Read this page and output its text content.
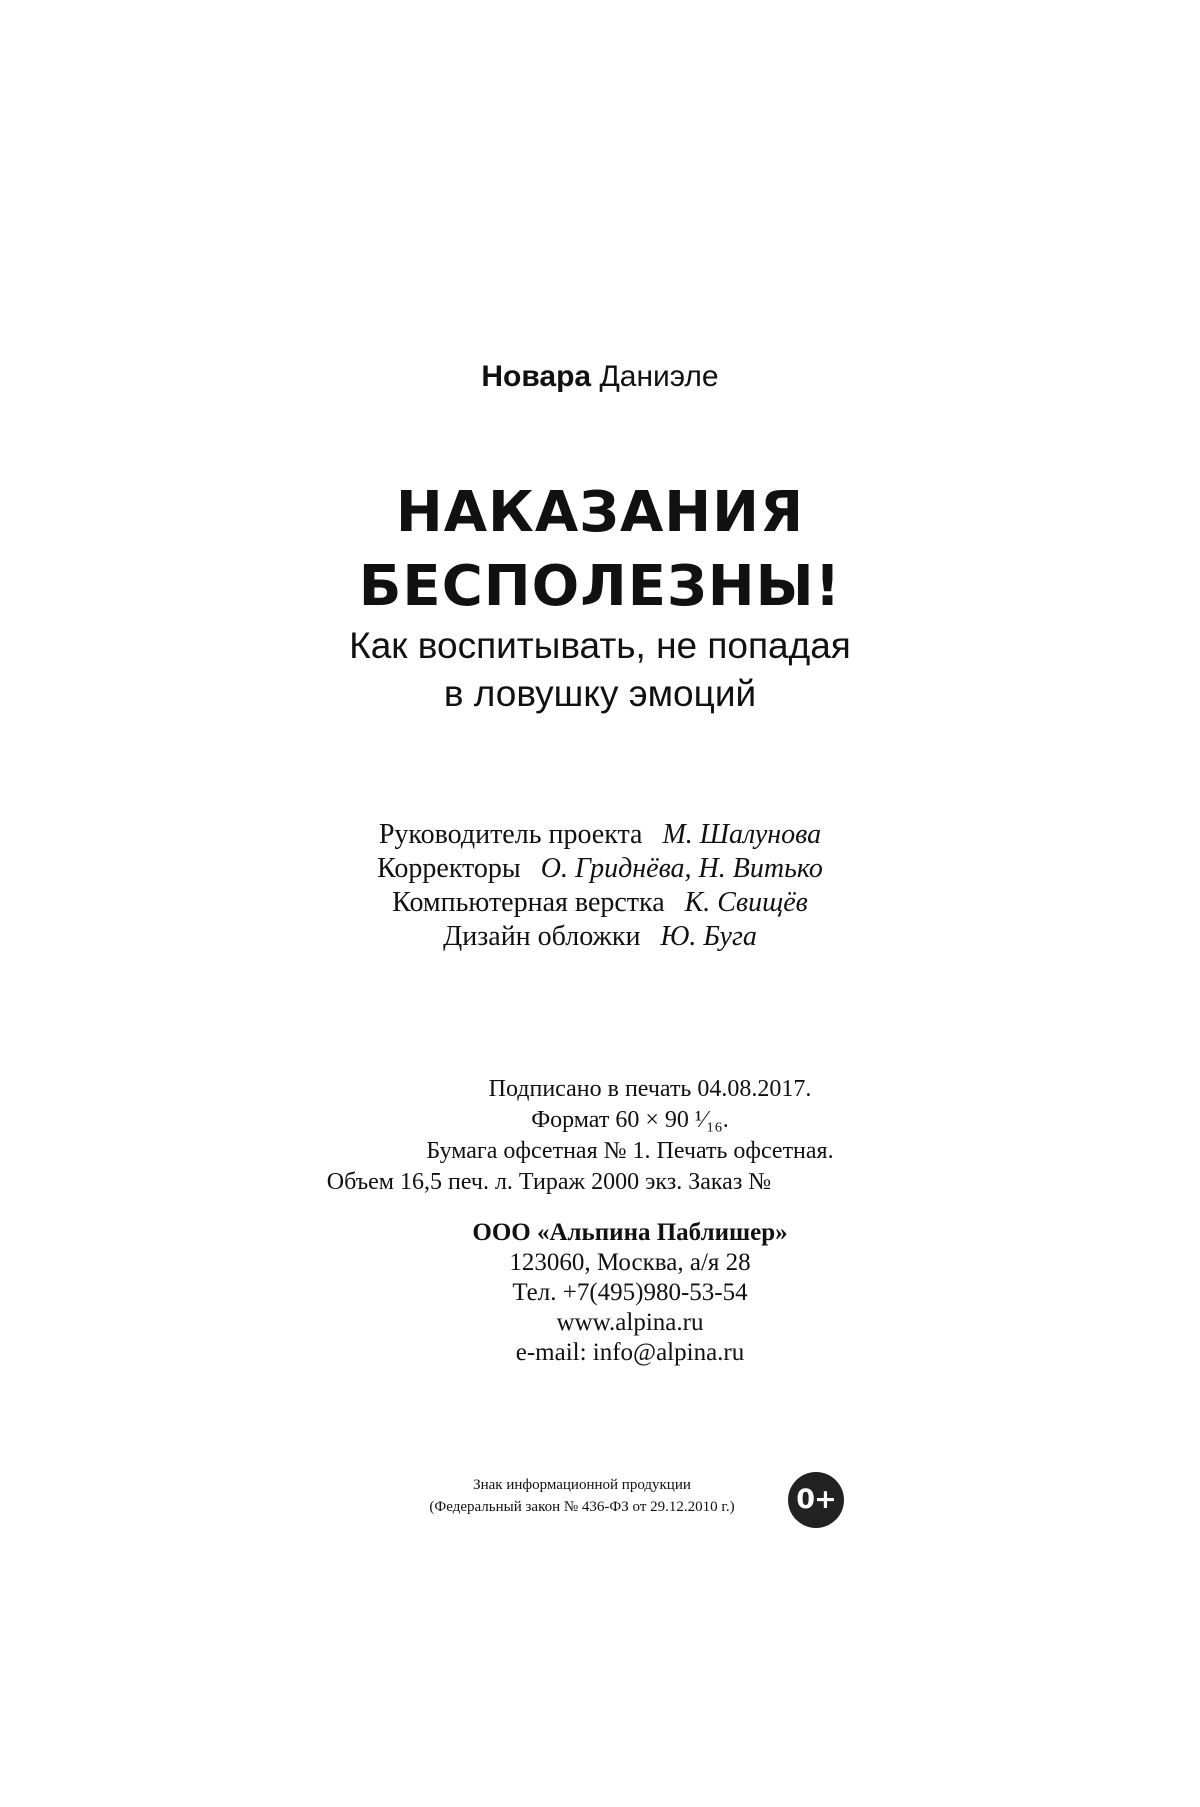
Новара Даниэле
НАКАЗАНИЯ
БЕСПОЛЕЗНЫ!
Как воспитывать, не попадая
в ловушку эмоций
Руководитель проекта М. Шалунова
Корректоры О. Гриднёва, Н. Витько
Компьютерная верстка К. Свищёв
Дизайн обложки Ю. Буга
Подписано в печать 04.08.2017.
Формат 60 × 90 ¹⁄₁₆.
Бумага офсетная № 1. Печать офсетная.
Объем 16,5 печ. л. Тираж 2000 экз. Заказ №
ООО «Альпина Паблишер»
123060, Москва, а/я 28
Тел. +7(495)980-53-54
www.alpina.ru
e-mail: info@alpina.ru
Знак информационной продукции
(Федеральный закон № 436-ФЗ от 29.12.2010 г.)	0+
